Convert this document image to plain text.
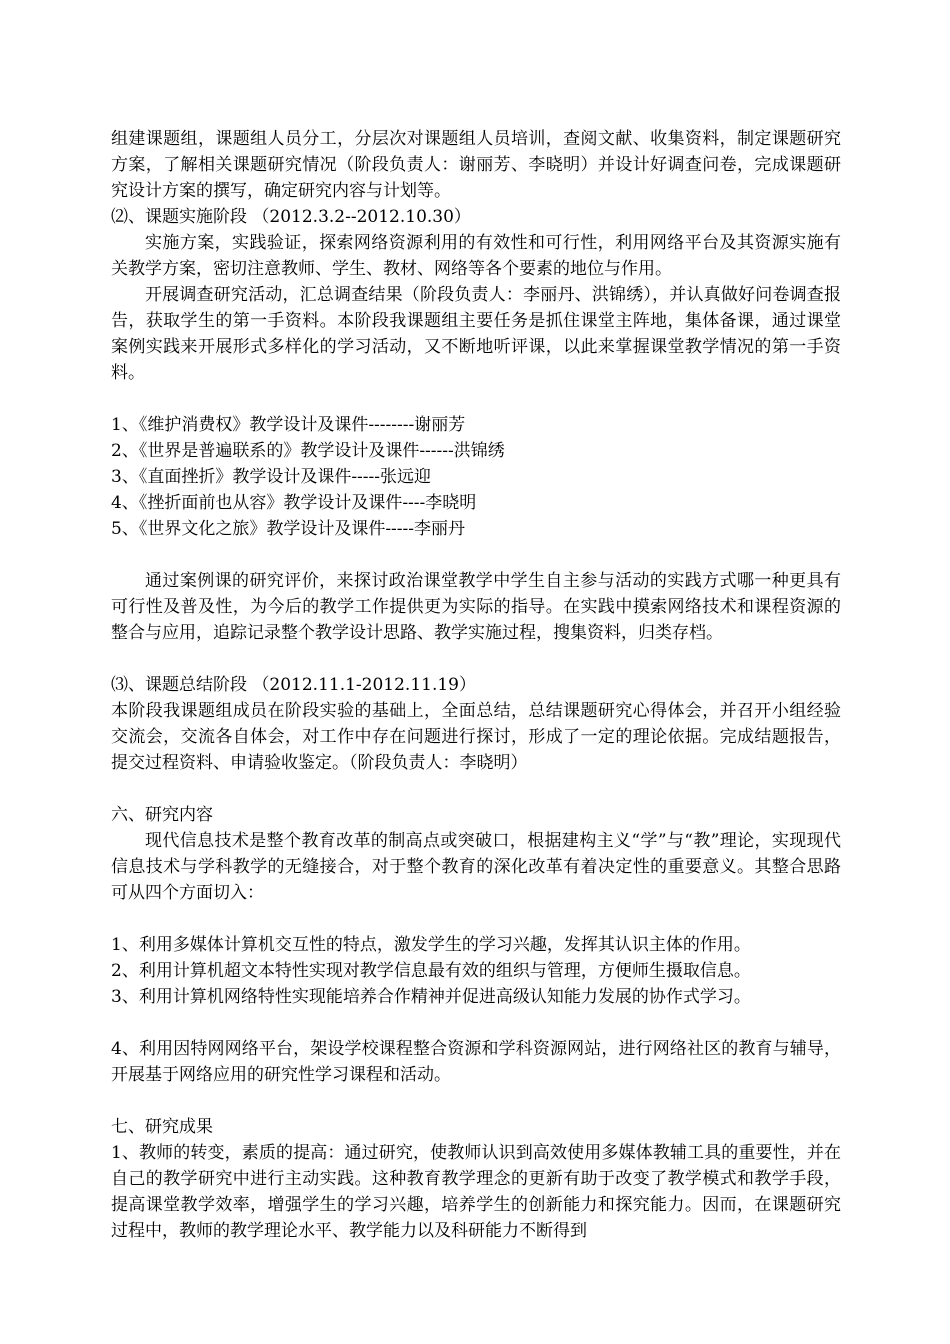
组建课题组，课题组人员分工，分层次对课题组人员培训，查阅文献、收集资料，制定课题研究方案，了解相关课题研究情况（阶段负责人：谢丽芳、李晓明）并设计好调查问卷，完成课题研究设计方案的撰写，确定研究内容与计划等。

⑵、课题实施阶段 （2012.3.2--2012.10.30）

实施方案，实践验证，探索网络资源利用的有效性和可行性，利用网络平台及其资源实施有关教学方案，密切注意教师、学生、教材、网络等各个要素的地位与作用。

开展调查研究活动，汇总调查结果（阶段负责人：李丽丹、洪锦绣），并认真做好问卷调查报告，获取学生的第一手资料。本阶段我课题组主要任务是抓住课堂主阵地，集体备课，通过课堂案例实践来开展形式多样化的学习活动，又不断地听评课，以此来掌握课堂教学情况的第一手资料。

1、《维护消费权》教学设计及课件--------谢丽芳

2、《世界是普遍联系的》教学设计及课件------洪锦绣

3、《直面挫折》教学设计及课件-----张远迎

4、《挫折面前也从容》教学设计及课件----李晓明

5、《世界文化之旅》教学设计及课件-----李丽丹

通过案例课的研究评价，来探讨政治课堂教学中学生自主参与活动的实践方式哪一种更具有可行性及普及性，为今后的教学工作提供更为实际的指导。在实践中摸索网络技术和课程资源的整合与应用，追踪记录整个教学设计思路、教学实施过程，搜集资料，归类存档。

⑶、课题总结阶段 （2012.11.1-2012.11.19）

本阶段我课题组成员在阶段实验的基础上，全面总结，总结课题研究心得体会，并召开小组经验交流会，交流各自体会，对工作中存在问题进行探讨，形成了一定的理论依据。完成结题报告，提交过程资料、申请验收鉴定。（阶段负责人：李晓明）

六、研究内容

现代信息技术是整个教育改革的制高点或突破口，根据建构主义“学”与“教”理论，实现现代信息技术与学科教学的无缝接合，对于整个教育的深化改革有着决定性的重要意义。其整合思路可从四个方面切入：

1、利用多媒体计算机交互性的特点，激发学生的学习兴趣，发挥其认识主体的作用。

2、利用计算机超文本特性实现对教学信息最有效的组织与管理，方便师生摄取信息。

3、利用计算机网络特性实现能培养合作精神并促进高级认知能力发展的协作式学习。

4、利用因特网网络平台，架设学校课程整合资源和学科资源网站，进行网络社区的教育与辅导，开展基于网络应用的研究性学习课程和活动。

七、研究成果

1、教师的转变，素质的提高：通过研究，使教师认识到高效使用多媒体教辅工具的重要性，并在自己的教学研究中进行主动实践。这种教育教学理念的更新有助于改变了教学模式和教学手段，提高课堂教学效率，增强学生的学习兴趣，培养学生的创新能力和探究能力。因而，在课题研究过程中，教师的教学理论水平、教学能力以及科研能力不断得到
